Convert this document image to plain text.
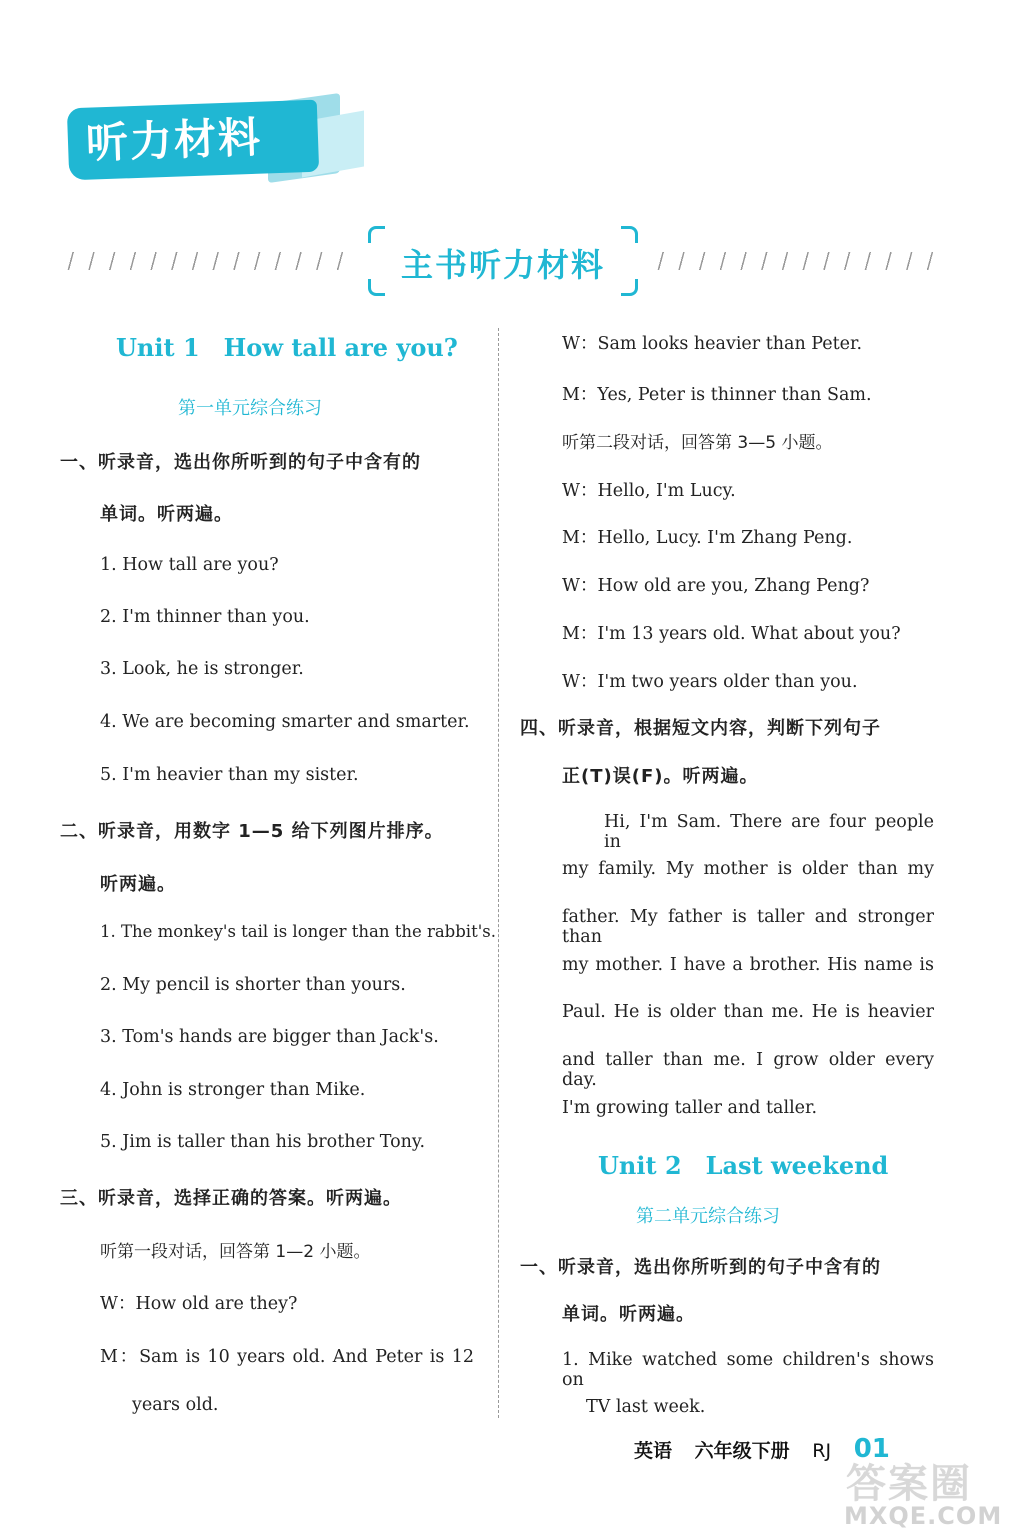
听力材料
主书听力材料
Unit 1　How tall are you?
第一单元综合练习
一、听录音，选出你所听到的句子中含有的
单词。听两遍。
1. How tall are you?
2. I'm thinner than you.
3. Look, he is stronger.
4. We are becoming smarter and smarter.
5. I'm heavier than my sister.
二、听录音，用数字 1—5 给下列图片排序。
听两遍。
1. The monkey's tail is longer than the rabbit's.
2. My pencil is shorter than yours.
3. Tom's hands are bigger than Jack's.
4. John is stronger than Mike.
5. Jim is taller than his brother Tony.
三、听录音，选择正确的答案。听两遍。
听第一段对话，回答第 1—2 小题。
W：How old are they?
M：Sam is 10 years old. And Peter is 12
years old.
W：Sam looks heavier than Peter.
M：Yes, Peter is thinner than Sam.
听第二段对话，回答第 3—5 小题。
W：Hello, I'm Lucy.
M：Hello, Lucy. I'm Zhang Peng.
W：How old are you, Zhang Peng?
M：I'm 13 years old. What about you?
W：I'm two years older than you.
四、听录音，根据短文内容，判断下列句子
正(T)误(F)。听两遍。
Hi, I'm Sam. There are four people in
my family. My mother is older than my
father. My father is taller and stronger than
my mother. I have a brother. His name is
Paul. He is older than me. He is heavier
and taller than me. I grow older every day.
I'm growing taller and taller.
Unit 2　Last weekend
第二单元综合练习
一、听录音，选出你所听到的句子中含有的
单词。听两遍。
1. Mike watched some children's shows on
TV last week.
英语 六年级下册 RJ 01
答案圈
MXQE.COM
